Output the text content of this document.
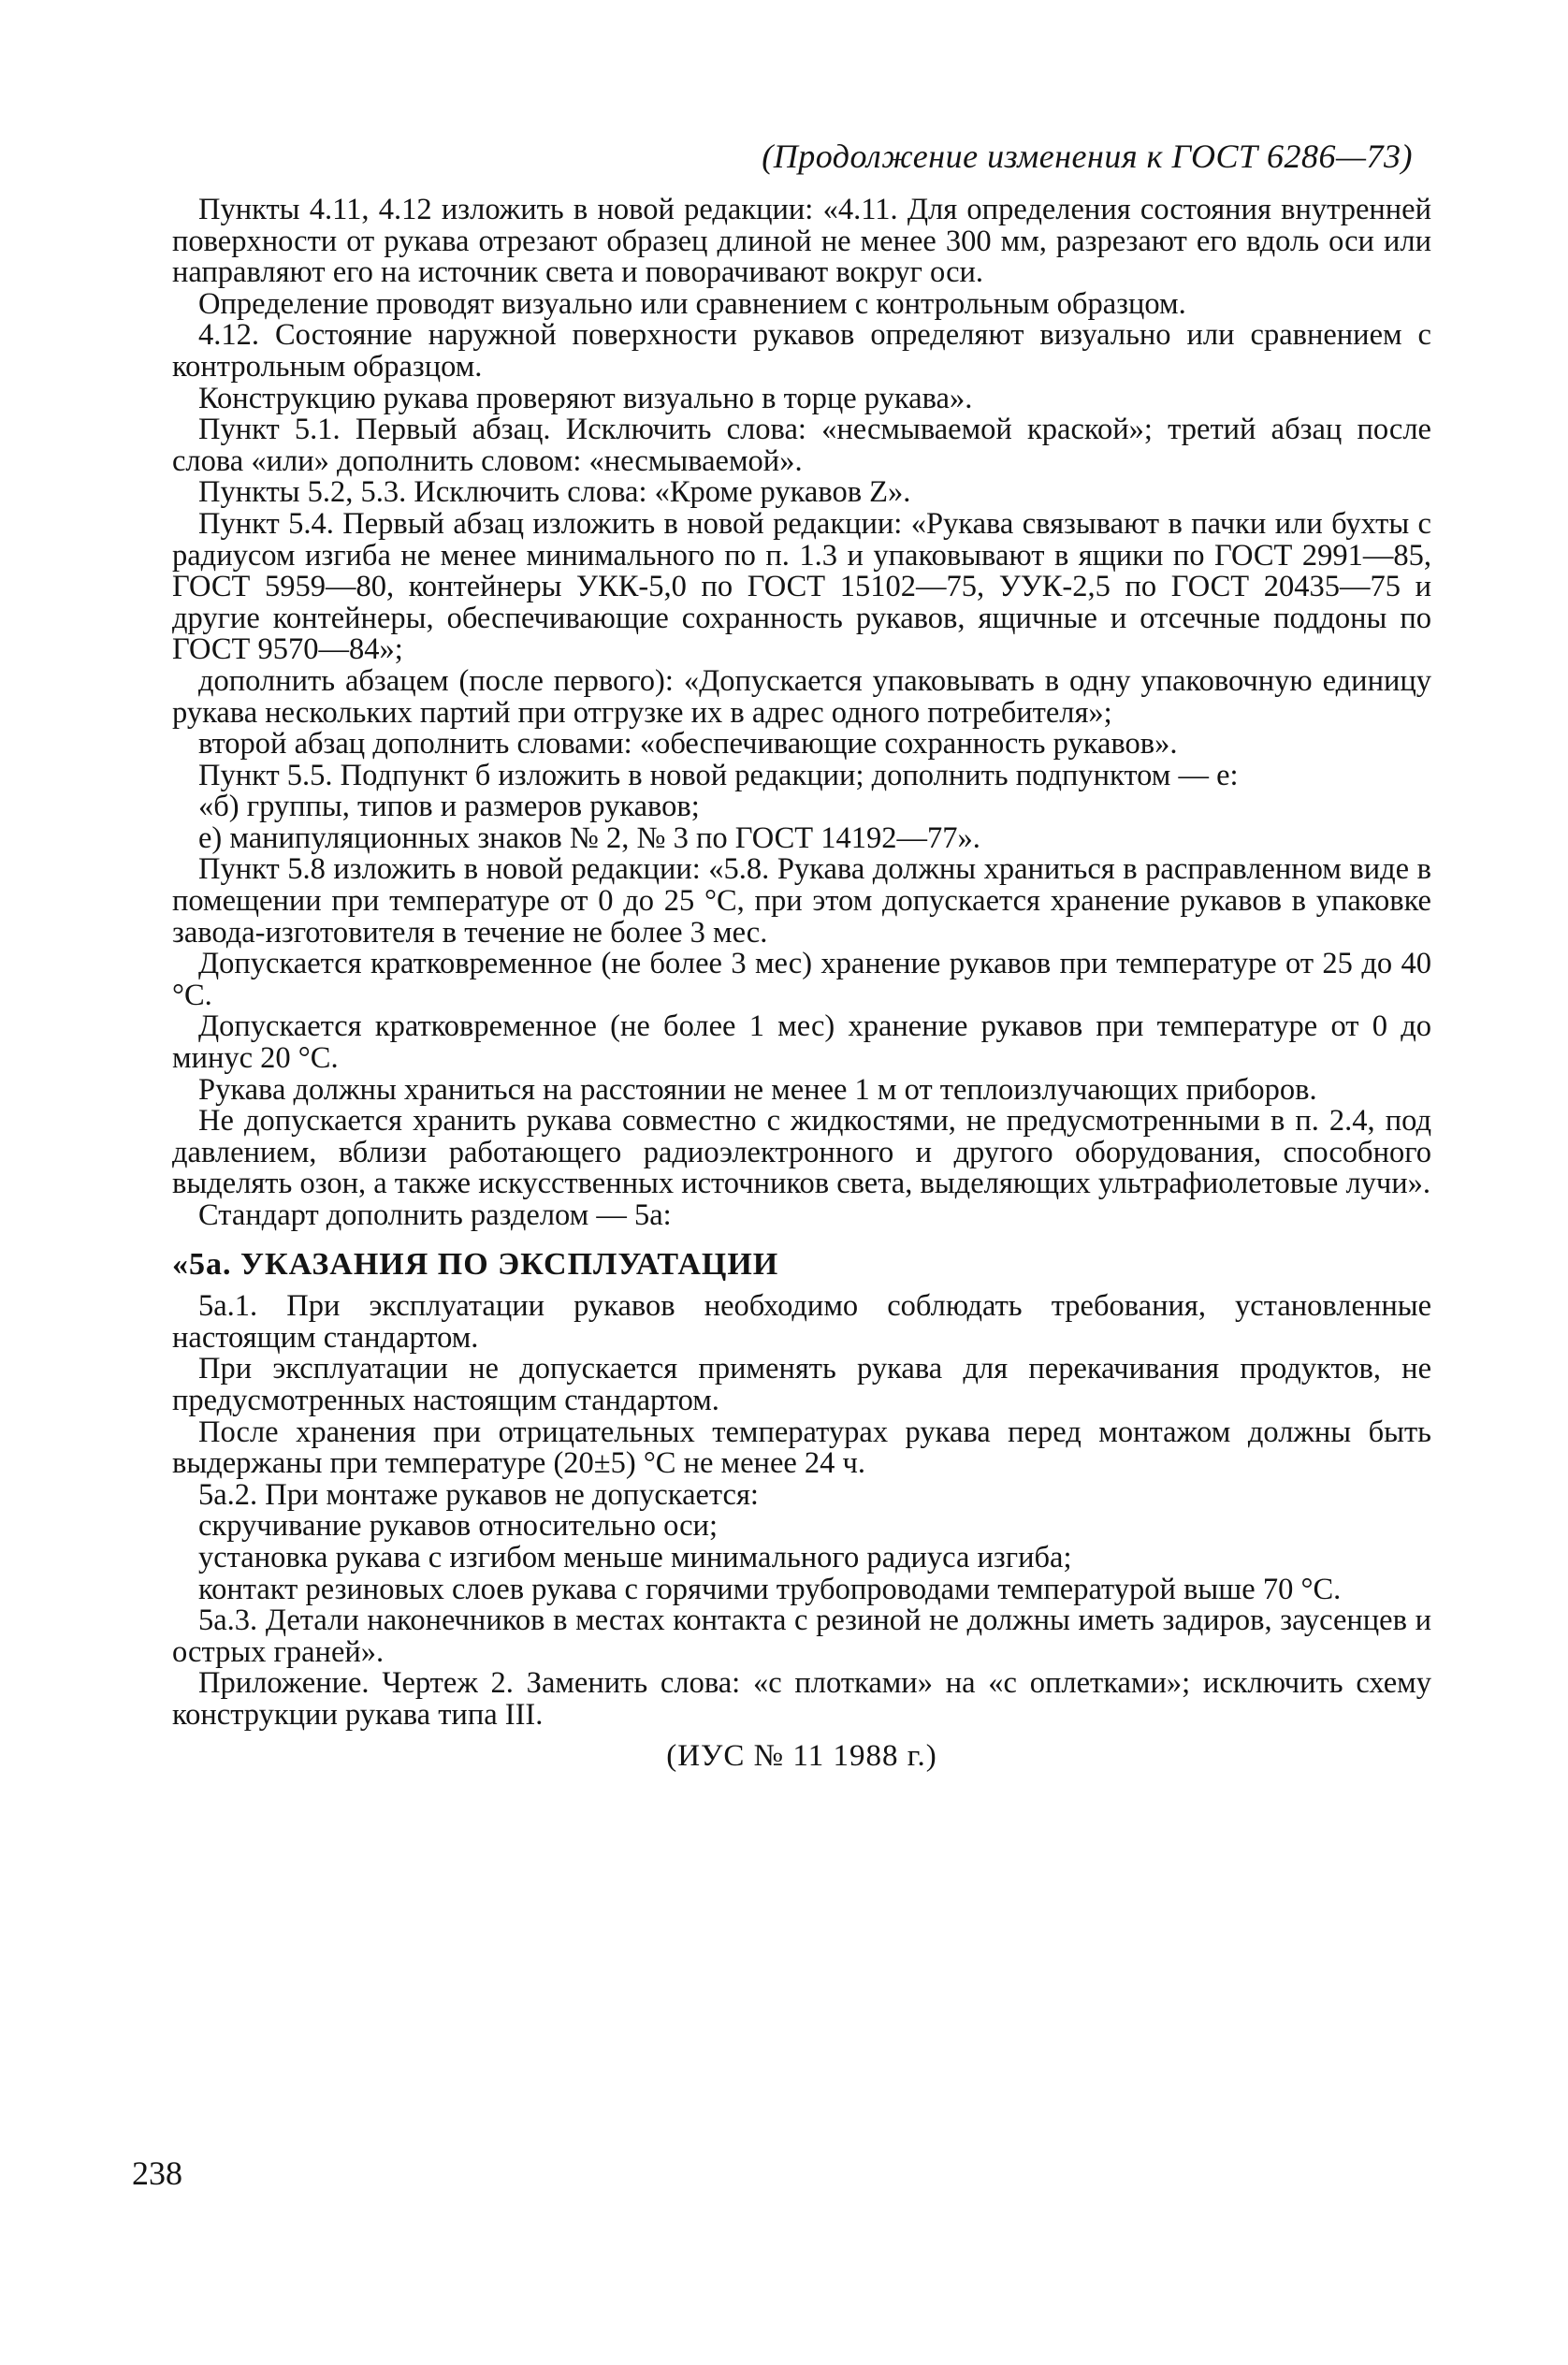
(Продолжение изменения к ГОСТ 6286—73)

Пункты 4.11, 4.12 изложить в новой редакции: «4.11. Для определения состояния внутренней поверхности от рукава отрезают образец длиной не менее 300 мм, разрезают его вдоль оси или направляют его на источник света и поворачивают вокруг оси.

Определение проводят визуально или сравнением с контрольным образцом.

4.12. Состояние наружной поверхности рукавов определяют визуально или сравнением с контрольным образцом.

Конструкцию рукава проверяют визуально в торце рукава».

Пункт 5.1. Первый абзац. Исключить слова: «несмываемой краской»; третий абзац после слова «или» дополнить словом: «несмываемой».

Пункты 5.2, 5.3. Исключить слова: «Кроме рукавов Z».

Пункт 5.4. Первый абзац изложить в новой редакции: «Рукава связывают в пачки или бухты с радиусом изгиба не менее минимального по п. 1.3 и упаковывают в ящики по ГОСТ 2991—85, ГОСТ 5959—80, контейнеры УКК-5,0 по ГОСТ 15102—75, УУК-2,5 по ГОСТ 20435—75 и другие контейнеры, обеспечивающие сохранность рукавов, ящичные и отсечные поддоны по ГОСТ 9570—84»;

дополнить абзацем (после первого): «Допускается упаковывать в одну упаковочную единицу рукава нескольких партий при отгрузке их в адрес одного потребителя»;

второй абзац дополнить словами: «обеспечивающие сохранность рукавов».

Пункт 5.5. Подпункт б изложить в новой редакции; дополнить подпунктом — е:

«б) группы, типов и размеров рукавов;

е) манипуляционных знаков № 2, № 3 по ГОСТ 14192—77».

Пункт 5.8 изложить в новой редакции: «5.8. Рукава должны храниться в расправленном виде в помещении при температуре от 0 до 25 °С, при этом допускается хранение рукавов в упаковке завода-изготовителя в течение не более 3 мес.

Допускается кратковременное (не более 3 мес) хранение рукавов при температуре от 25 до 40 °С.

Допускается кратковременное (не более 1 мес) хранение рукавов при температуре от 0 до минус 20 °С.

Рукава должны храниться на расстоянии не менее 1 м от теплоизлучающих приборов.

Не допускается хранить рукава совместно с жидкостями, не предусмотренными в п. 2.4, под давлением, вблизи работающего радиоэлектронного и другого оборудования, способного выделять озон, а также искусственных источников света, выделяющих ультрафиолетовые лучи».

Стандарт дополнить разделом — 5а:

«5а. УКАЗАНИЯ ПО ЭКСПЛУАТАЦИИ

5а.1. При эксплуатации рукавов необходимо соблюдать требования, установленные настоящим стандартом.

При эксплуатации не допускается применять рукава для перекачивания продуктов, не предусмотренных настоящим стандартом.

После хранения при отрицательных температурах рукава перед монтажом должны быть выдержаны при температуре (20±5) °С не менее 24 ч.

5а.2. При монтаже рукавов не допускается:

скручивание рукавов относительно оси;

установка рукава с изгибом меньше минимального радиуса изгиба;

контакт резиновых слоев рукава с горячими трубопроводами температурой выше 70 °С.

5а.3. Детали наконечников в местах контакта с резиной не должны иметь задиров, заусенцев и острых граней».

Приложение. Чертеж 2. Заменить слова: «с плотками» на «с оплетками»; исключить схему конструкции рукава типа III.

(ИУС № 11 1988 г.)
238
